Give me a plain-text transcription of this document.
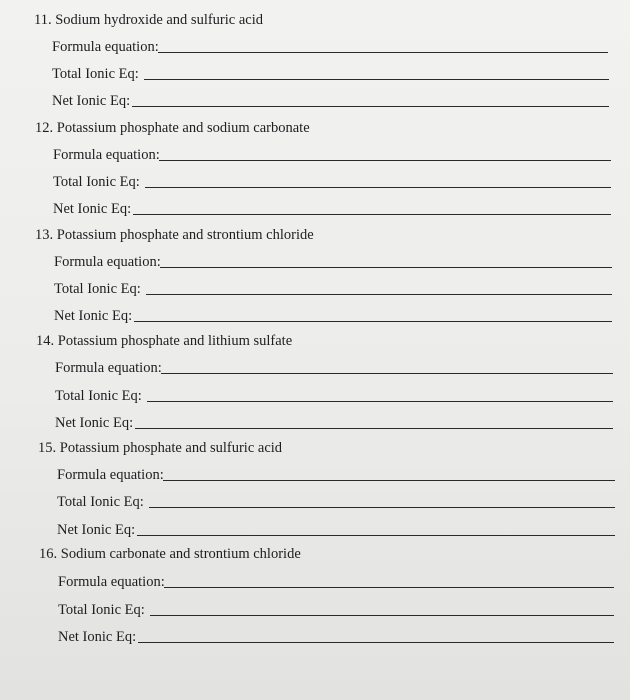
11. Sodium hydroxide and sulfuric acid
Formula equation:
Total Ionic Eq:
Net Ionic Eq:
12. Potassium phosphate and sodium carbonate
Formula equation:
Total Ionic Eq:
Net Ionic Eq:
13. Potassium phosphate and strontium chloride
Formula equation:
Total Ionic Eq:
Net Ionic Eq:
14. Potassium phosphate and lithium sulfate
Formula equation:
Total Ionic Eq:
Net Ionic Eq:
15. Potassium phosphate and sulfuric acid
Formula equation:
Total Ionic Eq:
Net Ionic Eq:
16. Sodium carbonate and strontium chloride
Formula equation:
Total Ionic Eq:
Net Ionic Eq:
